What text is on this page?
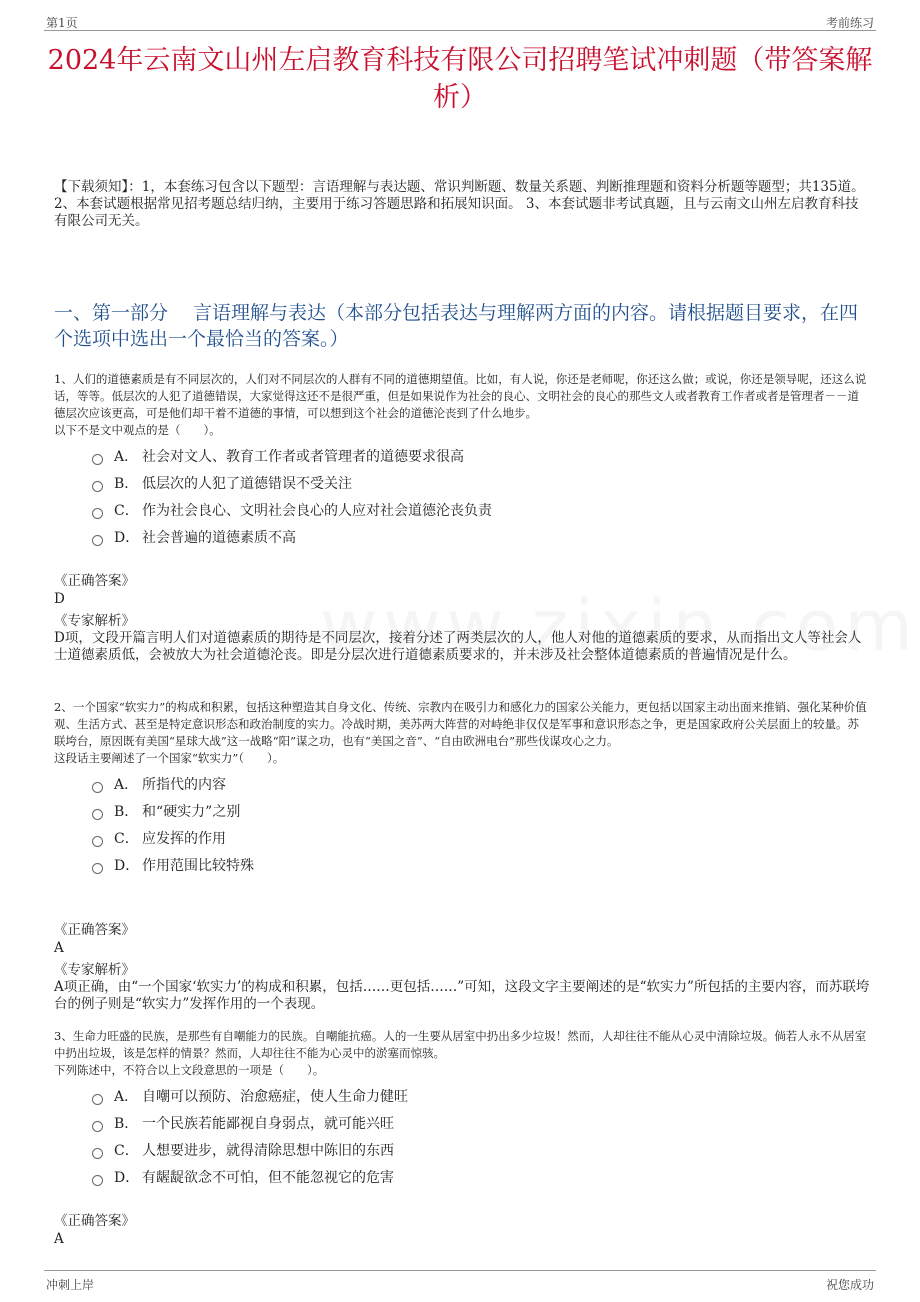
第1页	考前练习
2024年云南文山州左启教育科技有限公司招聘笔试冲刺题（带答案解析）

【下载须知】：1，本套练习包含以下题型：言语理解与表达题、常识判断题、数量关系题、判断推理题和资料分析题等题型；共135道。 2、本套试题根据常见招考题总结归纳，主要用于练习答题思路和拓展知识面。 3、本套试题非考试真题，且与云南文山州左启教育科技有限公司无关。

一、第一部分　 言语理解与表达（本部分包括表达与理解两方面的内容。请根据题目要求，在四个选项中选出一个最恰当的答案。）

1、人们的道德素质是有不同层次的，人们对不同层次的人群有不同的道德期望值。比如，有人说，你还是老师呢，你还这么做；或说，你还是领导呢，还这么说话，等等。低层次的人犯了道德错误，大家觉得这还不是很严重，但是如果说作为社会的良心、文明社会的良心的那些文人或者教育工作者或者是管理者－－道德层次应该更高，可是他们却干着不道德的事情，可以想到这个社会的道德沦丧到了什么地步。

以下不是文中观点的是（　　）。

A． 社会对文人、教育工作者或者管理者的道德要求很高
B． 低层次的人犯了道德错误不受关注
C． 作为社会良心、文明社会良心的人应对社会道德沦丧负责
D． 社会普遍的道德素质不高

《正确答案》

D

《专家解析》

D项，文段开篇言明人们对道德素质的期待是不同层次，接着分述了两类层次的人，他人对他的道德素质的要求，从而指出文人等社会人士道德素质低，会被放大为社会道德沦丧。即是分层次进行道德素质要求的，并未涉及社会整体道德素质的普遍情况是什么。

2、一个国家“软实力”的构成和积累，包括这种塑造其自身文化、传统、宗教内在吸引力和感化力的国家公关能力，更包括以国家主动出面来推销、强化某种价值观、生活方式、甚至是特定意识形态和政治制度的实力。冷战时期，美苏两大阵营的对峙绝非仅仅是军事和意识形态之争，更是国家政府公关层面上的较量。苏联垮台，原因既有美国“星球大战”这一战略“阳”谋之功，也有“美国之音”、“自由欧洲电台”那些伐谋攻心之力。

这段话主要阐述了一个国家“软实力”（　　）。

A． 所指代的内容
B． 和“硬实力”之别
C． 应发挥的作用
D． 作用范围比较特殊

《正确答案》

A

《专家解析》

A项正确，由“一个国家‘软实力’的构成和积累，包括……更包括……”可知，这段文字主要阐述的是“软实力”所包括的主要内容，而苏联垮台的例子则是“软实力”发挥作用的一个表现。

3、生命力旺盛的民族，是那些有自嘲能力的民族。自嘲能抗癌。人的一生要从居室中扔出多少垃圾！然而，人却往往不能从心灵中清除垃圾。倘若人永不从居室中扔出垃圾，该是怎样的情景？然而，人却往往不能为心灵中的淤塞而惊骇。

下列陈述中，不符合以上文段意思的一项是（　　）。

A． 自嘲可以预防、治愈癌症，使人生命力健旺
B． 一个民族若能鄙视自身弱点，就可能兴旺
C． 人想要进步，就得清除思想中陈旧的东西
D． 有龌龊欲念不可怕，但不能忽视它的危害

《正确答案》

A

冲刺上岸	祝您成功
